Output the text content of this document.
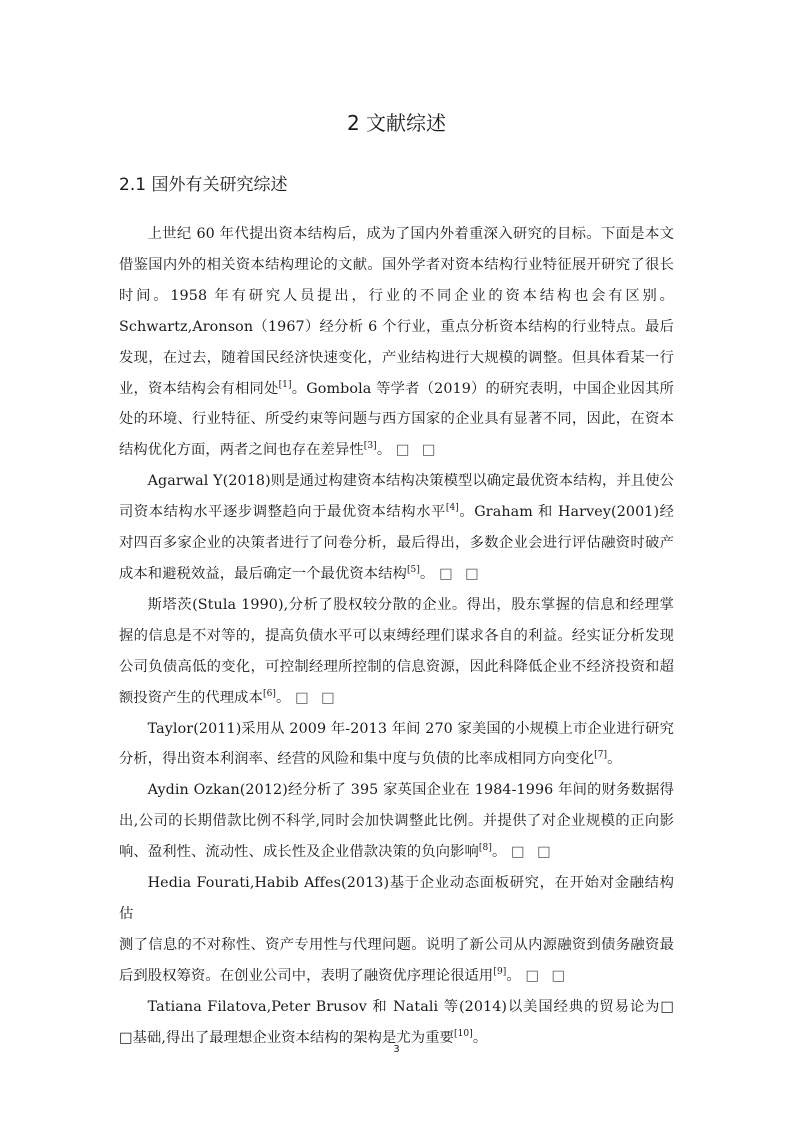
2 文献综述
2.1 国外有关研究综述

上世纪 60 年代提出资本结构后，成为了国内外着重深入研究的目标。下面是本文借鉴国内外的相关资本结构理论的文献。国外学者对资本结构行业特征展开研究了很长时间。1958 年有研究人员提出，行业的不同企业的资本结构也会有区别。Schwartz,Aronson（1967）经分析 6 个行业，重点分析资本结构的行业特点。最后发现，在过去，随着国民经济快速变化，产业结构进行大规模的调整。但具体看某一行业，资本结构会有相同处[1]。Gombola 等学者（2019）的研究表明，中国企业因其所处的环境、行业特征、所受约束等问题与西方国家的企业具有显著不同，因此，在资本结构优化方面，两者之间也存在差异性[3]。 □ □

Agarwal Y(2018)则是通过构建资本结构决策模型以确定最优资本结构，并且使公司资本结构水平逐步调整趋向于最优资本结构水平[4]。Graham 和 Harvey(2001)经对四百多家企业的决策者进行了问卷分析，最后得出，多数企业会进行评估融资时破产成本和避税效益，最后确定一个最优资本结构[5]。 □ □

斯塔茨(Stula 1990),分析了股权较分散的企业。得出，股东掌握的信息和经理掌握的信息是不对等的，提高负债水平可以束缚经理们谋求各自的利益。经实证分析发现公司负债高低的变化，可控制经理所控制的信息资源，因此科降低企业不经济投资和超额投资产生的代理成本[6]。 □ □

Taylor(2011)采用从 2009 年-2013 年间 270 家美国的小规模上市企业进行研究分析，得出资本利润率、经营的风险和集中度与负债的比率成相同方向变化[7]。

Aydin Ozkan(2012)经分析了 395 家英国企业在 1984-1996 年间的财务数据得出,公司的长期借款比例不科学,同时会加快调整此比例。并提供了对企业规模的正向影响、盈利性、流动性、成长性及企业借款决策的负向影响[8]。 □ □

Hedia Fourati,Habib Affes(2013)基于企业动态面板研究，在开始对金融结构估

测了信息的不对称性、资产专用性与代理问题。说明了新公司从内源融资到债务融资最后到股权筹资。在创业公司中，表明了融资优序理论很适用[9]。 □ □

Tatiana Filatova,Peter Brusov 和 Natali 等(2014)以美国经典的贸易论为□ □基础,得出了最理想企业资本结构的架构是尤为重要[10]。

3
